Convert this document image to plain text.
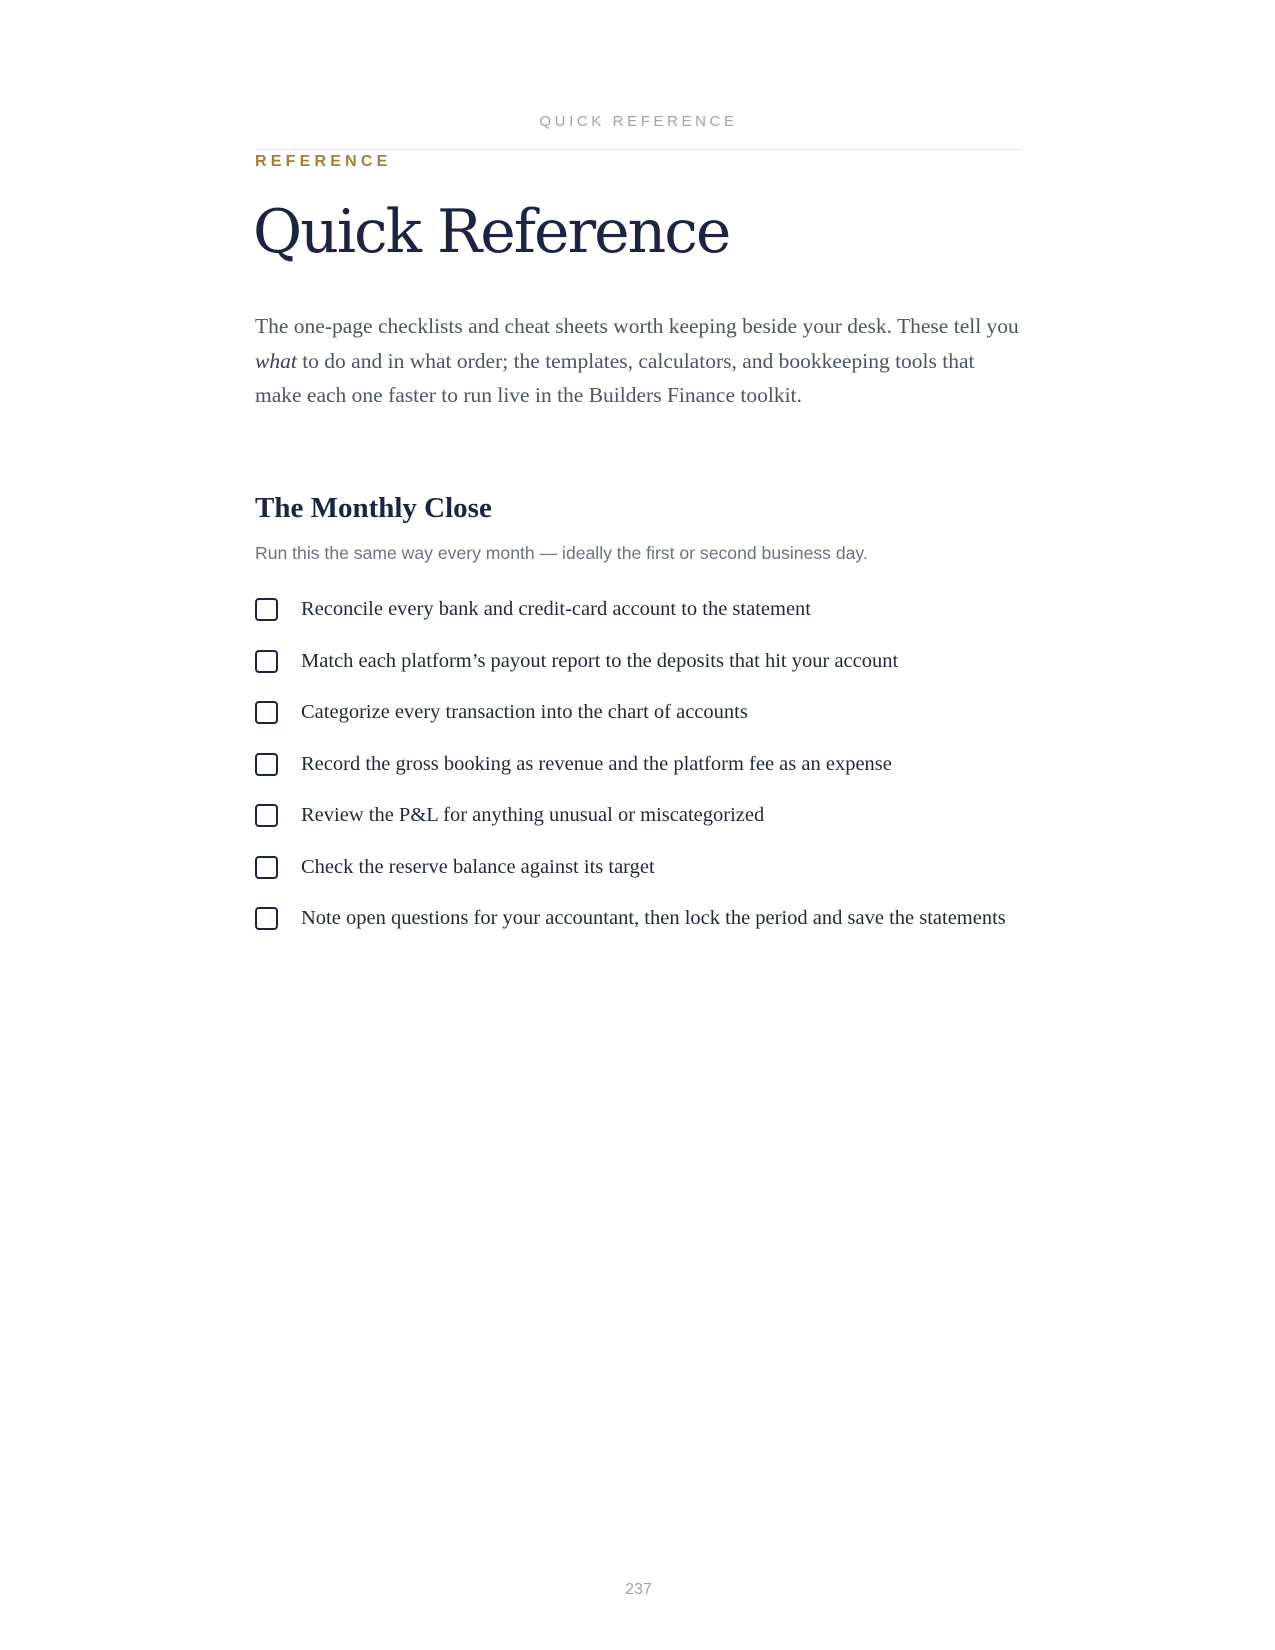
QUICK REFERENCE
REFERENCE
Quick Reference

The one-page checklists and cheat sheets worth keeping beside your desk. These tell you what to do and in what order; the templates, calculators, and bookkeeping tools that make each one faster to run live in the Builders Finance toolkit.

The Monthly Close

Run this the same way every month — ideally the first or second business day.

Reconcile every bank and credit-card account to the statement
Match each platform’s payout report to the deposits that hit your account
Categorize every transaction into the chart of accounts
Record the gross booking as revenue and the platform fee as an expense
Review the P&L for anything unusual or miscategorized
Check the reserve balance against its target
Note open questions for your accountant, then lock the period and save the statements
237
